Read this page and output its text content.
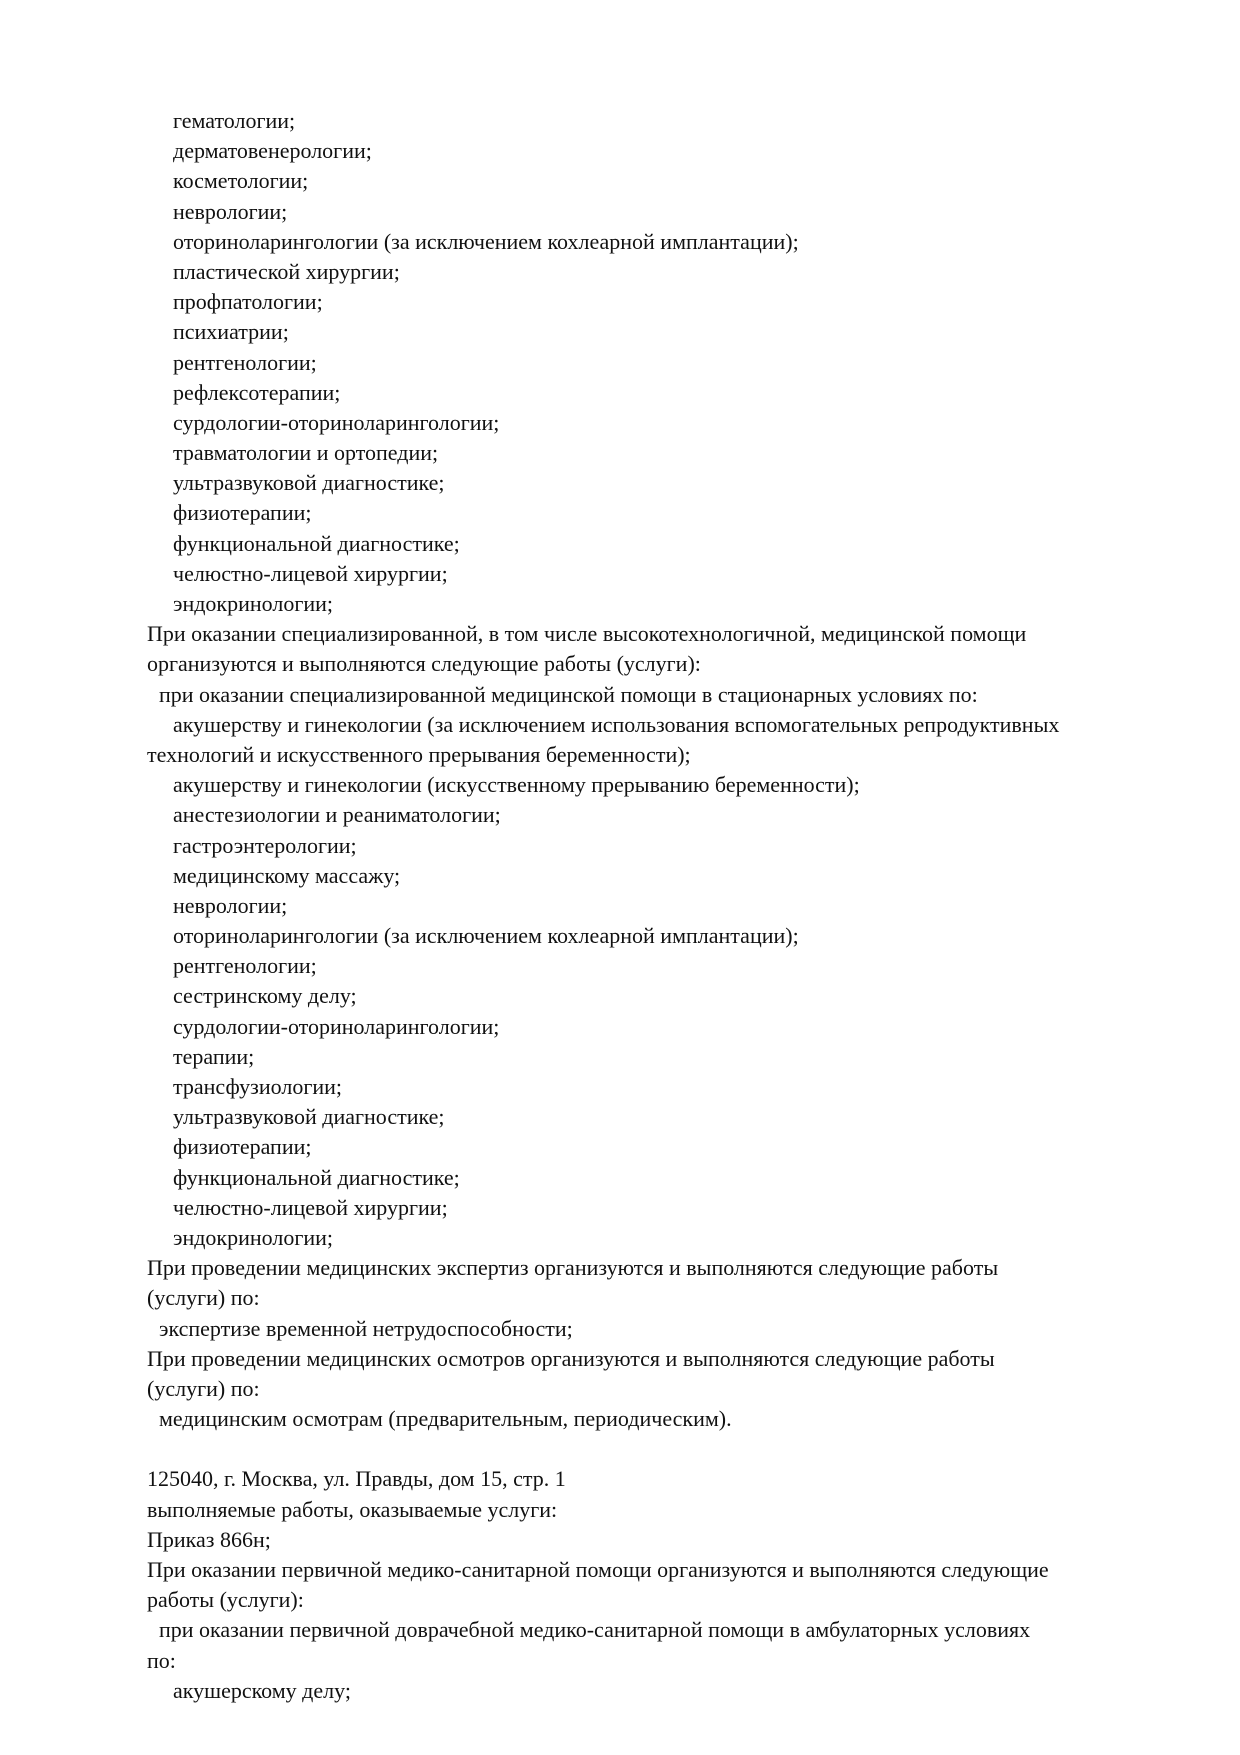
гематологии;
дерматовенерологии;
косметологии;
неврологии;
оториноларингологии (за исключением кохлеарной имплантации);
пластической хирургии;
профпатологии;
психиатрии;
рентгенологии;
рефлексотерапии;
сурдологии-оториноларингологии;
травматологии и ортопедии;
ультразвуковой диагностике;
физиотерапии;
функциональной диагностике;
челюстно-лицевой хирургии;
эндокринологии;
При оказании специализированной, в том числе высокотехнологичной, медицинской помощи
организуются и выполняются следующие работы (услуги):
при оказании специализированной медицинской помощи в стационарных условиях по:
акушерству и гинекологии (за исключением использования вспомогательных репродуктивных
технологий и искусственного прерывания беременности);
акушерству и гинекологии (искусственному прерыванию беременности);
анестезиологии и реаниматологии;
гастроэнтерологии;
медицинскому массажу;
неврологии;
оториноларингологии (за исключением кохлеарной имплантации);
рентгенологии;
сестринскому делу;
сурдологии-оториноларингологии;
терапии;
трансфузиологии;
ультразвуковой диагностике;
физиотерапии;
функциональной диагностике;
челюстно-лицевой хирургии;
эндокринологии;
При проведении медицинских экспертиз организуются и выполняются следующие работы
(услуги) по:
экспертизе временной нетрудоспособности;
При проведении медицинских осмотров организуются и выполняются следующие работы
(услуги) по:
медицинским осмотрам (предварительным, периодическим).
125040, г. Москва, ул. Правды, дом 15, стр. 1
выполняемые работы, оказываемые услуги:
Приказ 866н;
При оказании первичной медико-санитарной помощи организуются и выполняются следующие
работы (услуги):
при оказании первичной доврачебной медико-санитарной помощи в амбулаторных условиях
по:
акушерскому делу;
